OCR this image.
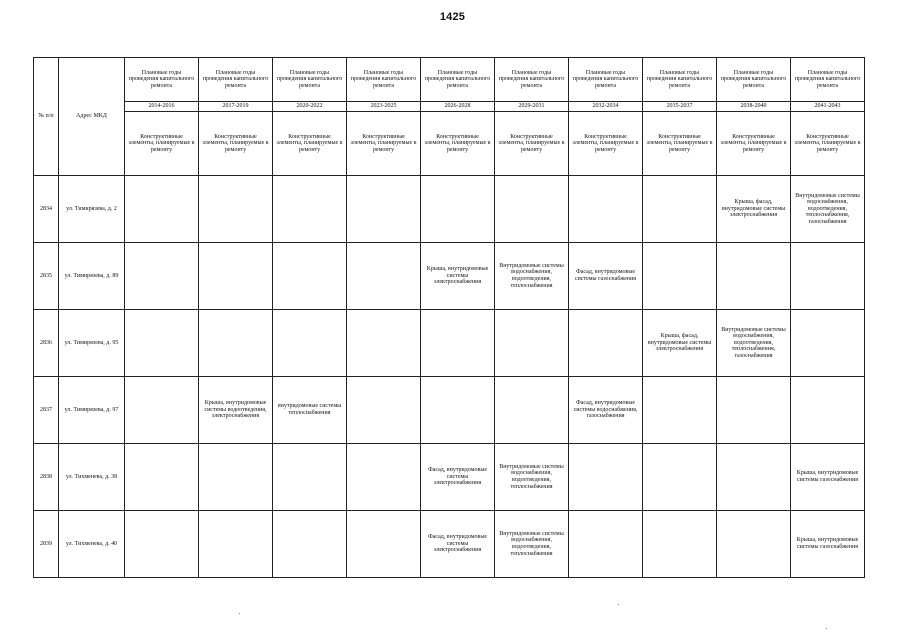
1425
№ п/п	Адрес МКД	Плановые годы проведения капитального ремонта	Плановые годы проведения капитального ремонта	Плановые годы проведения капитального ремонта	Плановые годы проведения капитального ремонта	Плановые годы проведения капитального ремонта	Плановые годы проведения капитального ремонта	Плановые годы проведения капитального ремонта	Плановые годы проведения капитального ремонта	Плановые годы проведения капитального ремонта	Плановые годы проведения капитального ремонта
		2014-2016	2017-2019	2020-2022	2023-2025	2026-2028	2029-2031	2032-2034	2035-2037	2038-2040	2041-2043
		Конструктивные элементы, планируемые к ремонту	Конструктивные элементы, планируемые к ремонту	Конструктивные элементы, планируемые к ремонту	Конструктивные элементы, планируемые к ремонту	Конструктивные элементы, планируемые к ремонту	Конструктивные элементы, планируемые к ремонту	Конструктивные элементы, планируемые к ремонту	Конструктивные элементы, планируемые к ремонту	Конструктивные элементы, планируемые к ремонту	Конструктивные элементы, планируемые к ремонту
2834	ул. Тимирязева, д. 2									Крыша, фасад, внутридомовые системы электроснабжения	Внутридомовые системы водоснабжения, водоотведения, теплоснабжения, газоснабжения
2835	ул. Тимирязева, д. 89					Крыша, внутридомовые системы электроснабжения	Внутридомовые системы водоснабжения, водоотведения, теплоснабжения	Фасад, внутридомовые системы газоснабжения			
2836	ул. Тимирязева, д. 95								Крыша, фасад, внутридомовые системы электроснабжения	Внутридомовые системы водоснабжения, водоотведения, теплоснабжения, газоснабжения	
2837	ул. Тимирязева, д. 97		Крыша, внутридомовые системы водоотведения, электроснабжения	внутридомовые системы теплоснабжения				Фасад, внутридомовые системы водоснабжения, газоснабжения			
2838	ул. Тихменева, д. 38					Фасад, внутридомовые системы электроснабжения	Внутридомовые системы водоснабжения, водоотведения, теплоснабжения				Крыша, внутридомовые системы газоснабжения
2839	ул. Тихменева, д. 40					Фасад, внутридомовые системы электроснабжения	Внутридомовые системы водоснабжения, водоотведения, теплоснабжения				Крыша, внутридомовые системы газоснабжения
